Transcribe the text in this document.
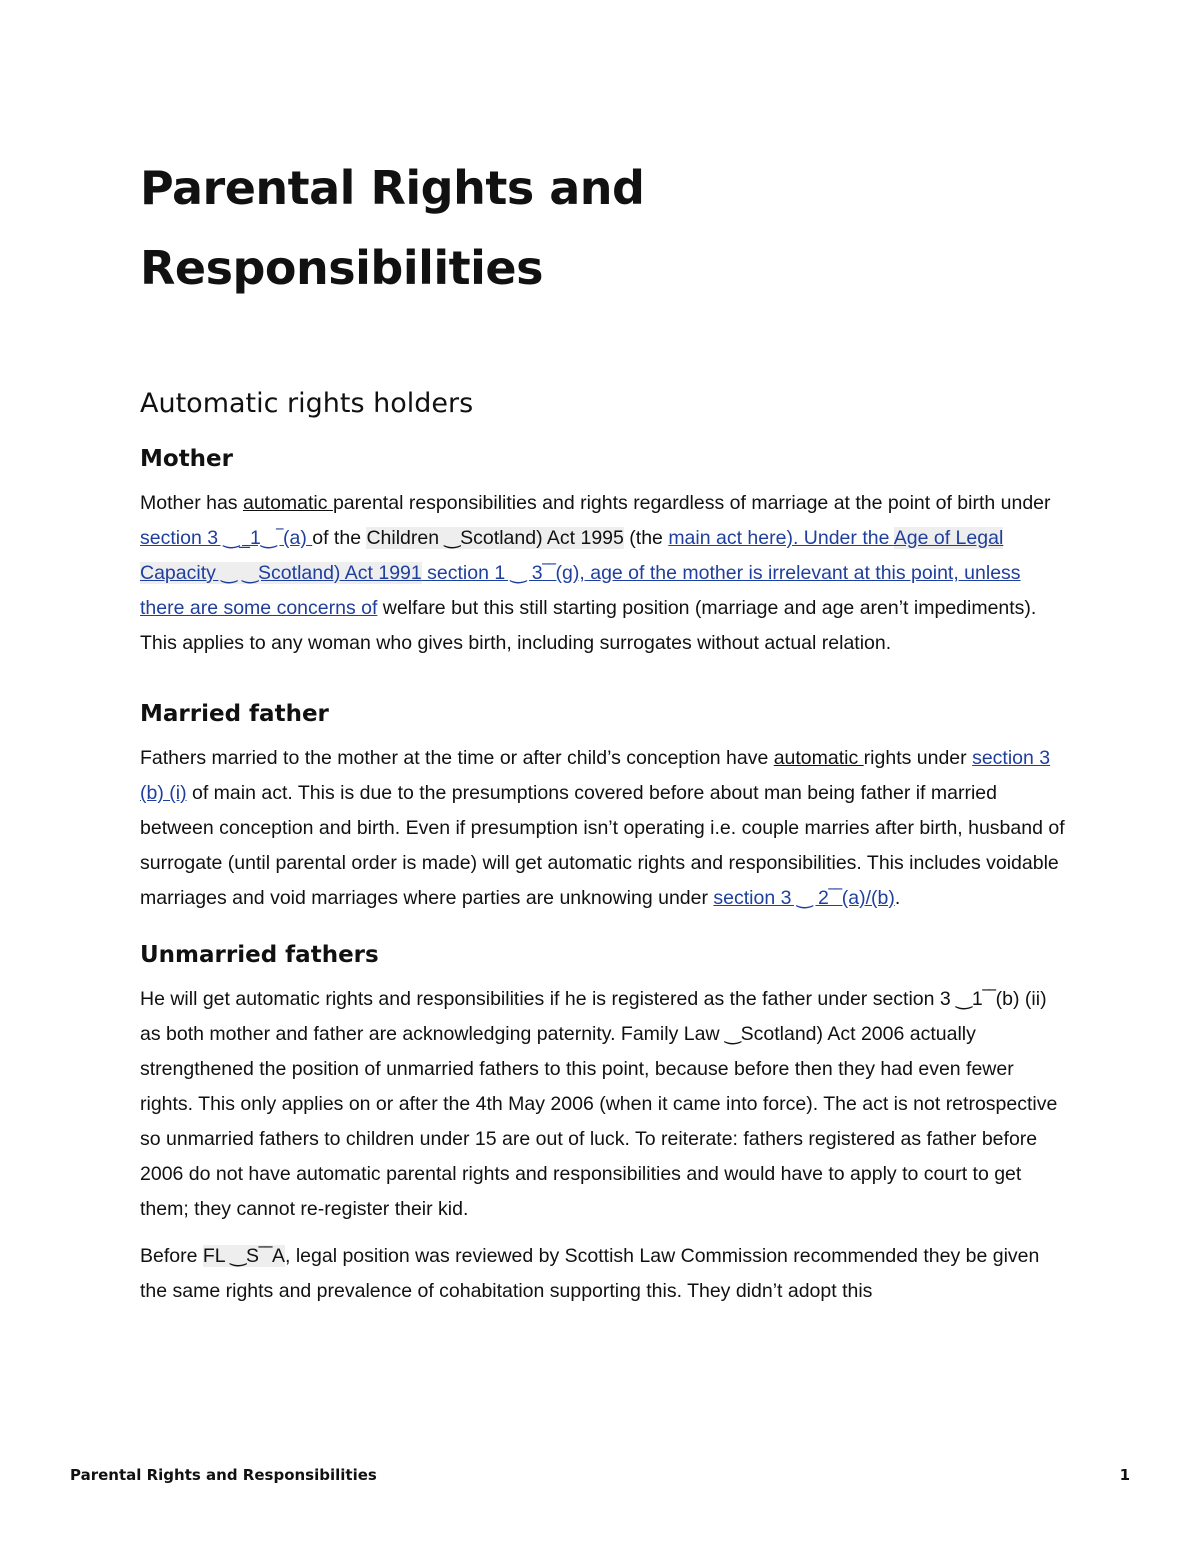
Parental Rights and
Responsibilities
Automatic rights holders
Mother

Mother has automatic parental responsibilities and rights regardless of marriage at the point of birth under section 3 ‿_1‿‾(a) of the Children ‿Scotland) Act 1995 (the main act here). Under the Age of Legal Capacity ‿ ‿Scotland) Act 1991 section 1 ‿ 3‾‾(g), age of the mother is irrelevant at this point, unless there are some concerns of welfare but this still starting position (marriage and age aren’t impediments). This applies to any woman who gives birth, including surrogates without actual relation.

Married father

Fathers married to the mother at the time or after child’s conception have automatic rights under section 3 (b) (i) of main act. This is due to the presumptions covered before about man being father if married between conception and birth. Even if presumption isn’t operating i.e. couple marries after birth, husband of surrogate (until parental order is made) will get automatic rights and responsibilities. This includes voidable marriages and void marriages where parties are unknowing under section 3 ‿ 2‾‾(a)/(b).

Unmarried fathers

He will get automatic rights and responsibilities if he is registered as the father under section 3 ‿1‾‾(b) (ii) as both mother and father are acknowledging paternity. Family Law ‿Scotland) Act 2006 actually strengthened the position of unmarried fathers to this point, because before then they had even fewer rights. This only applies on or after the 4th May 2006 (when it came into force). The act is not retrospective so unmarried fathers to children under 15 are out of luck. To reiterate: fathers registered as father before 2006 do not have automatic parental rights and responsibilities and would have to apply to court to get them; they cannot re-register their kid.

Before FL ‿S‾‾A, legal position was reviewed by Scottish Law Commission recommended they be given the same rights and prevalence of cohabitation supporting this. They didn’t adopt this

Parental Rights and Responsibilities	1
